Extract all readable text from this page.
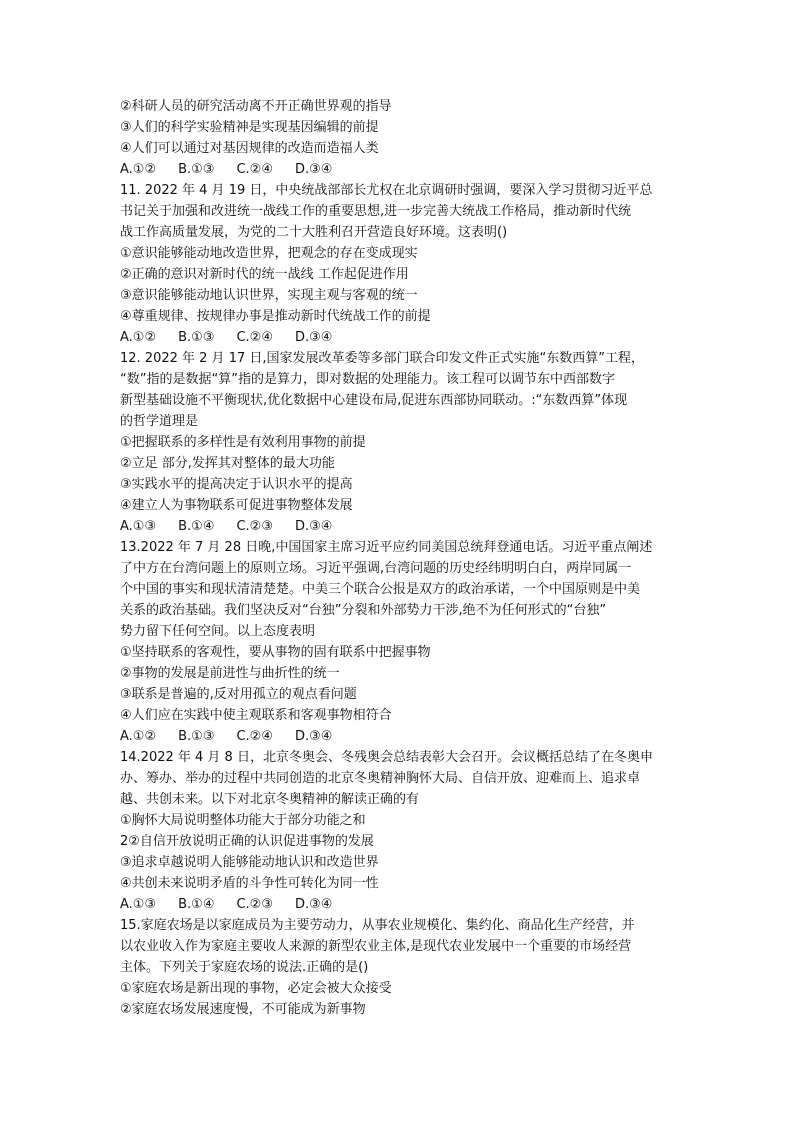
②科研人员的研究活动离不开正确世界观的指导
③人们的科学实验精神是实现基因编辑的前提
④人们可以通过对基因规律的改造而造福人类
A.①② B.①③ C.②④ D.③④
11. 2022 年 4 月 19 日，中央统战部部长尤权在北京调研时强调，要深入学习贯彻习近平总
书记关于加强和改进统一战线工作的重要思想,进一步完善大统战工作格局，推动新时代统
战工作高质量发展，为党的二十大胜利召开营造良好环境。这表明()
①意识能够能动地改造世界，把观念的存在变成现实
②正确的意识对新时代的统一战线 工作起促进作用
③意识能够能动地认识世界，实现主观与客观的统一
④尊重规律、按规律办事是推动新时代统战工作的前提
A.①② B.①③ C.②④ D.③④
12. 2022 年 2 月 17 日,国家发展改革委等多部门联合印发文件正式实施“东数西算”工程，
“数”指的是数据“算”指的是算力，即对数据的处理能力。该工程可以调节东中西部数字
新型基础设施不平衡现状,优化数据中心建设布局,促进东西部协同联动。:“东数西算”体现
的哲学道理是
①把握联系的多样性是有效利用事物的前提
②立足 部分,发挥其对整体的最大功能
③实践水平的提高决定于认识水平的提高
④建立人为事物联系可促进事物整体发展
A.①③ B.①④ C.②③ D.③④
13.2022 年 7 月 28 日晚,中国国家主席习近平应约同美国总统拜登通电话。习近平重点阐述
了中方在台湾问题上的原则立场。习近平强调,台湾问题的历史经纬明明白白，两岸同属一
个中国的事实和现状清清楚楚。中美三个联合公报是双方的政治承诺，一个中国原则是中美
关系的政治基础。我们坚决反对“台独”分裂和外部势力干涉,绝不为任何形式的“台独”
势力留下任何空间。以上态度表明
①坚持联系的客观性，要从事物的固有联系中把握事物
②事物的发展是前进性与曲折性的统一
③联系是普遍的,反对用孤立的观点看问题
④人们应在实践中使主观联系和客观事物相符合
A.①② B.①③ C.②④ D.③④
14.2022 年 4 月 8 日，北京冬奥会、冬残奥会总结表彰大会召开。会议概括总结了在冬奥申
办、筹办、举办的过程中共同创造的北京冬奥精神胸怀大局、自信开放、迎难而上、追求卓
越、共创未来。以下对北京冬奥精神的解读正确的有
①胸怀大局说明整体功能大于部分功能之和
2②自信开放说明正确的认识促进事物的发展
③追求卓越说明人能够能动地认识和改造世界
④共创未来说明矛盾的斗争性可转化为同一性
A.①③ B.①④ C.②③ D.③④
15.家庭农场是以家庭成员为主要劳动力，从事农业规模化、集约化、商品化生产经营，并
以农业收入作为家庭主要收人来源的新型农业主体,是现代农业发展中一个重要的市场经营
主体。下列关于家庭农场的说法.正确的是()
①家庭农场是新出现的事物，必定会被大众接受
②家庭农场发展速度慢，不可能成为新事物
